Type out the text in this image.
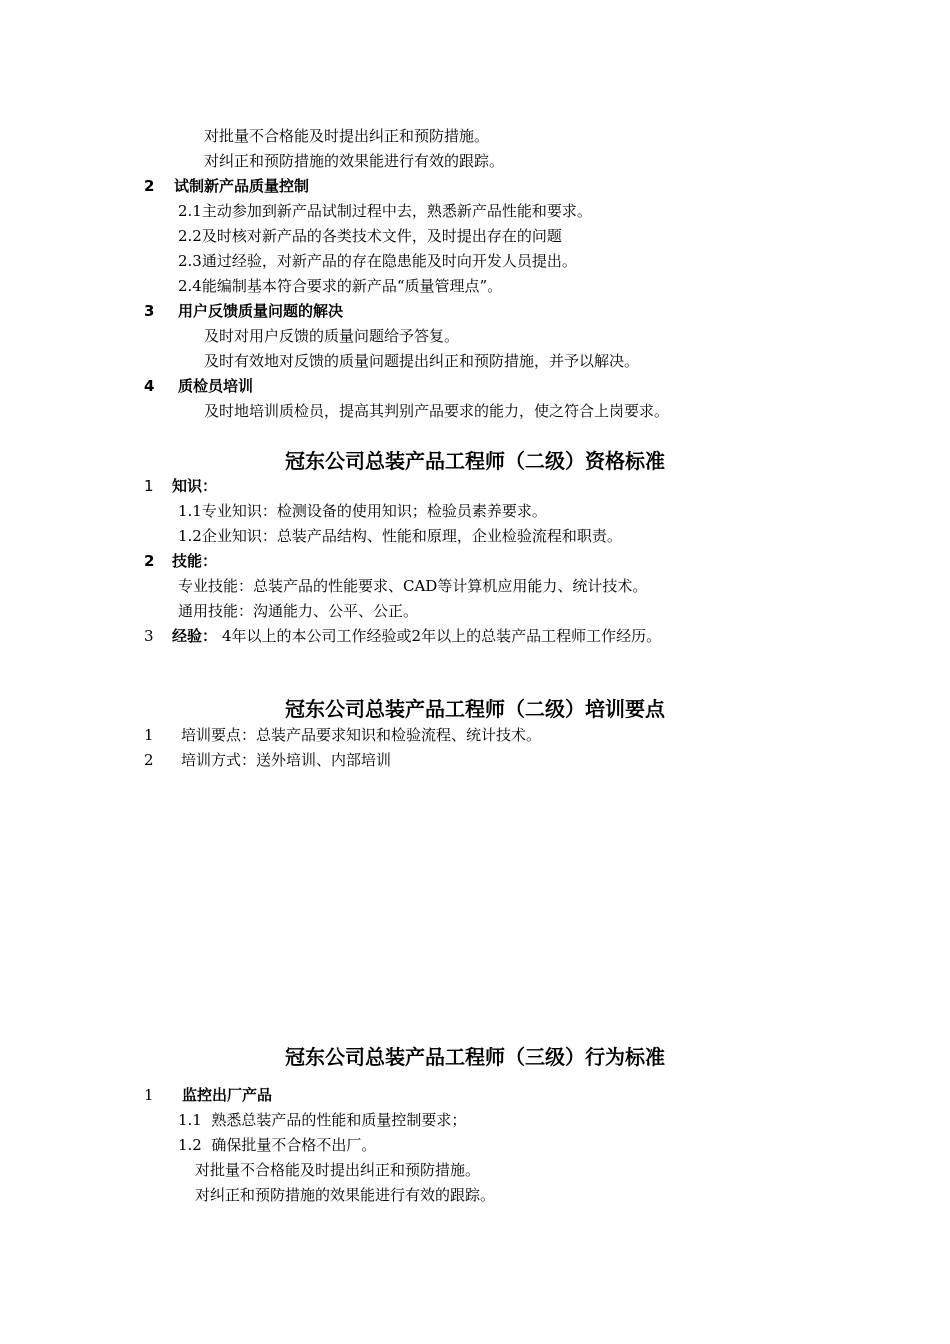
对批量不合格能及时提出纠正和预防措施。
对纠正和预防措施的效果能进行有效的跟踪。
2 试制新产品质量控制
2.1主动参加到新产品试制过程中去，熟悉新产品性能和要求。
2.2及时核对新产品的各类技术文件，及时提出存在的问题
2.3通过经验，对新产品的存在隐患能及时向开发人员提出。
2.4能编制基本符合要求的新产品“质量管理点”。
3 用户反馈质量问题的解决
及时对用户反馈的质量问题给予答复。
及时有效地对反馈的质量问题提出纠正和预防措施，并予以解决。
4 质检员培训
及时地培训质检员，提高其判别产品要求的能力，使之符合上岗要求。
冠东公司总装产品工程师（二级）资格标准
1 知识：
1.1专业知识：检测设备的使用知识；检验员素养要求。
1.2企业知识：总装产品结构、性能和原理，企业检验流程和职责。
2 技能：
专业技能：总装产品的性能要求、CAD等计算机应用能力、统计技术。
通用技能：沟通能力、公平、公正。
3 经验： 4年以上的本公司工作经验或2年以上的总装产品工程师工作经历。
冠东公司总装产品工程师（二级）培训要点
1 培训要点：总装产品要求知识和检验流程、统计技术。
2 培训方式：送外培训、内部培训
冠东公司总装产品工程师（三级）行为标准
1 监控出厂产品
1.1  熟悉总装产品的性能和质量控制要求；
1.2  确保批量不合格不出厂。
对批量不合格能及时提出纠正和预防措施。
对纠正和预防措施的效果能进行有效的跟踪。
